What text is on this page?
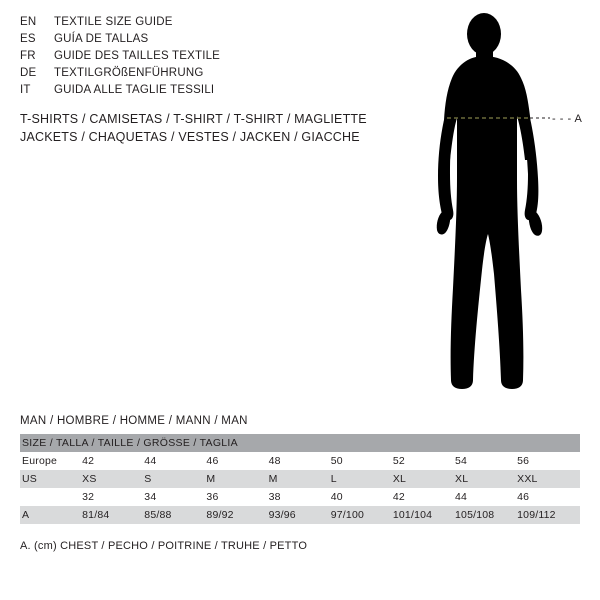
EN	TEXTILE SIZE GUIDE
ES	GUÍA DE TALLAS
FR	GUIDE DES TAILLES TEXTILE
DE	TEXTILGRÖßENFÜHRUNG
IT	GUIDA ALLE TAGLIE TESSILI
T-SHIRTS / CAMISETAS / T-SHIRT / T-SHIRT / MAGLIETTE
JACKETS / CHAQUETAS / VESTES / JACKEN / GIACCHE
- - - A
MAN / HOMBRE / HOMME / MANN / MAN
SIZE / TALLA / TAILLE / GRÖSSE / TAGLIA								
Europe	42	44	46	48	50	52	54	56
US	XS	S	M	M	L	XL	XL	XXL
	32	34	36	38	40	42	44	46
A	81/84	85/88	89/92	93/96	97/100	101/104	105/108	109/112
A. (cm) CHEST / PECHO / POITRINE / TRUHE / PETTO
